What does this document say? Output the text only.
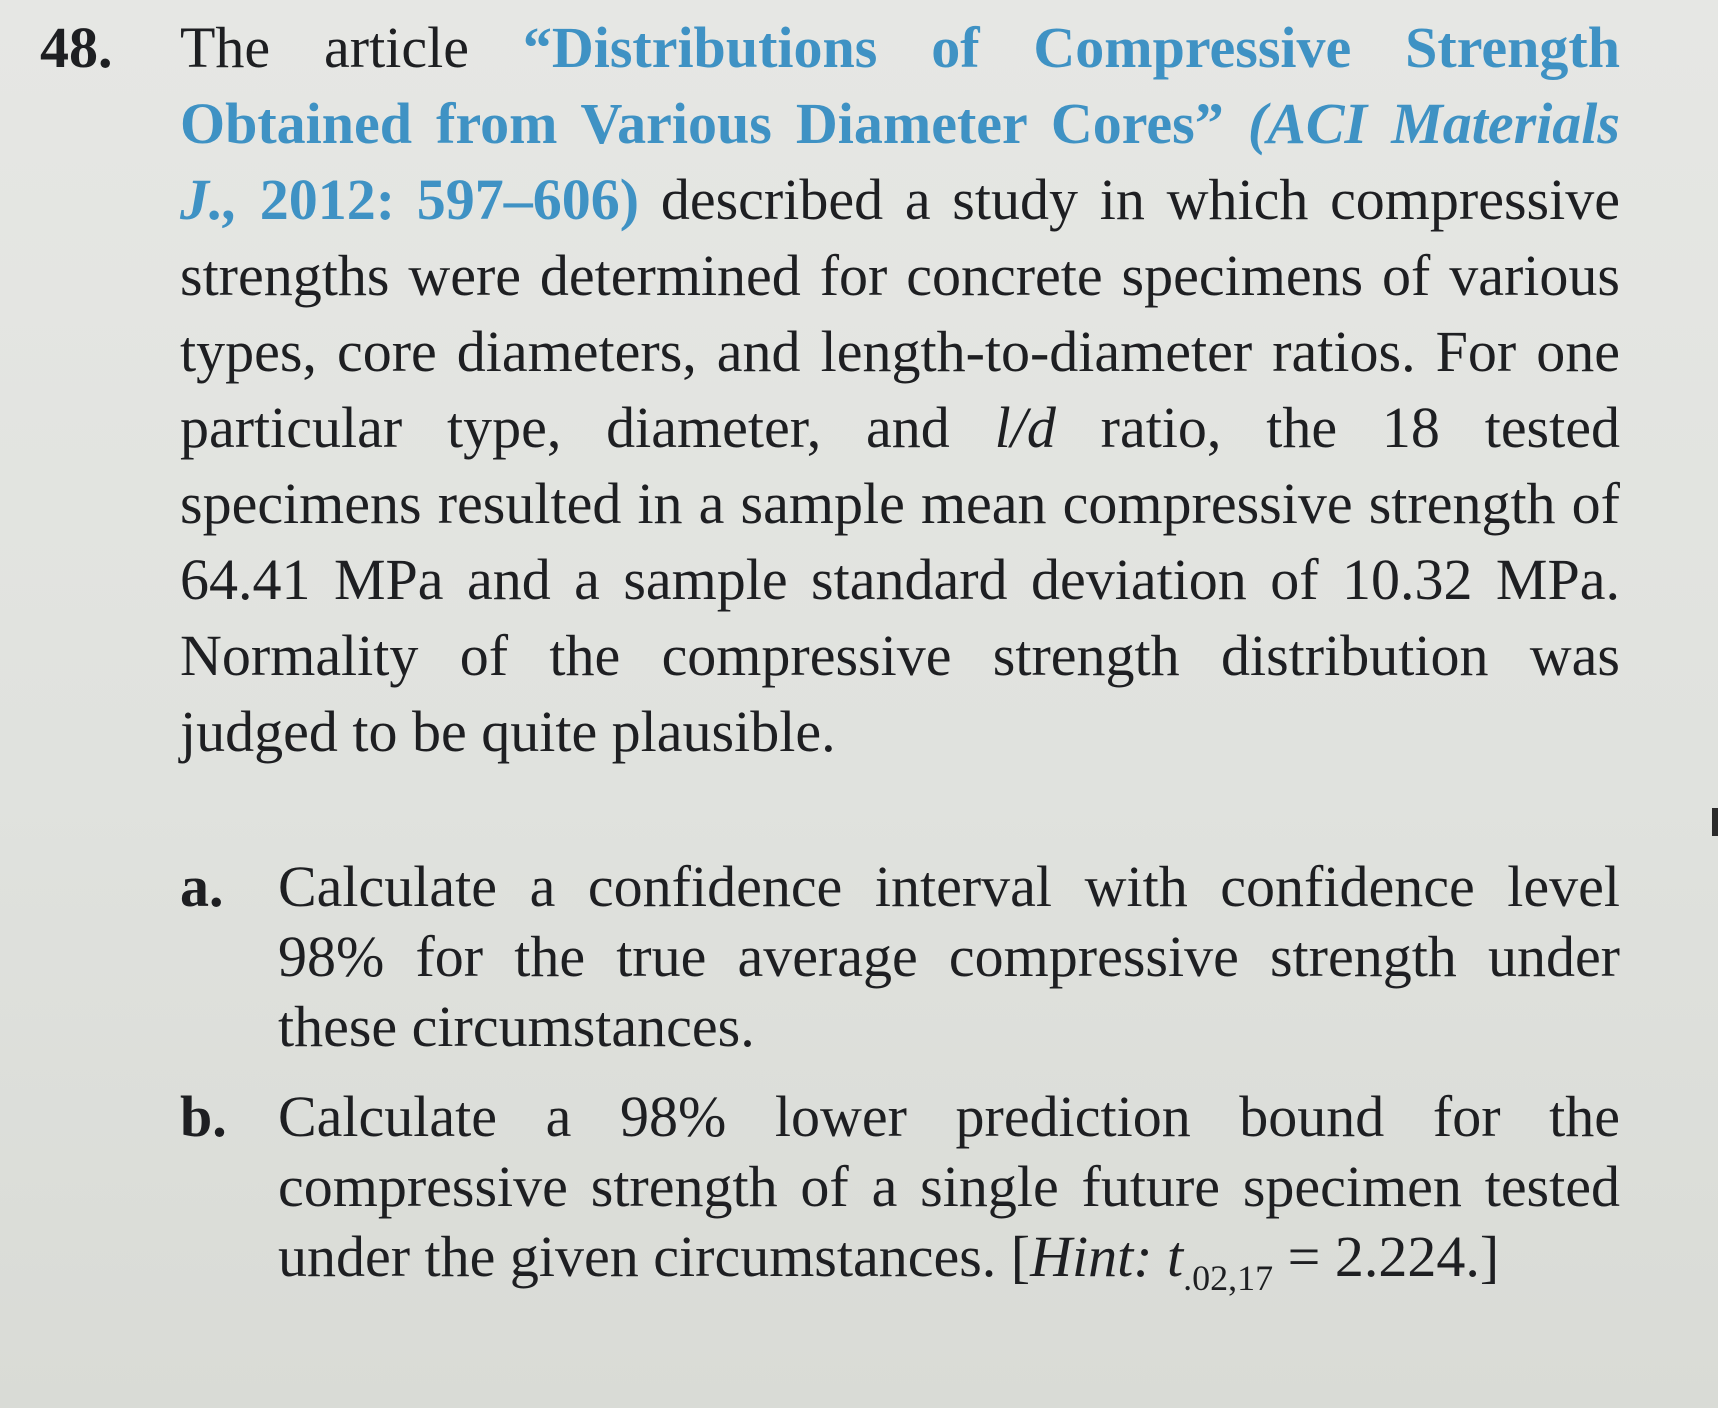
48. The article “Distributions of Compressive Strength Obtained from Various Diameter Cores” (ACI Materials J., 2012: 597–606) described a study in which compressive strengths were determined for concrete specimens of various types, core diameters, and length-to-diameter ratios. For one particular type, diameter, and l/d ratio, the 18 tested specimens resulted in a sample mean compressive strength of 64.41 MPa and a sample standard deviation of 10.32 MPa. Normality of the compressive strength distribution was judged to be quite plausible.
a. Calculate a confidence interval with confidence level 98% for the true average compressive strength under these circumstances.
b. Calculate a 98% lower prediction bound for the compressive strength of a single future specimen tested under the given circumstances. [Hint: $t_{.02,17} = 2.224$.]
